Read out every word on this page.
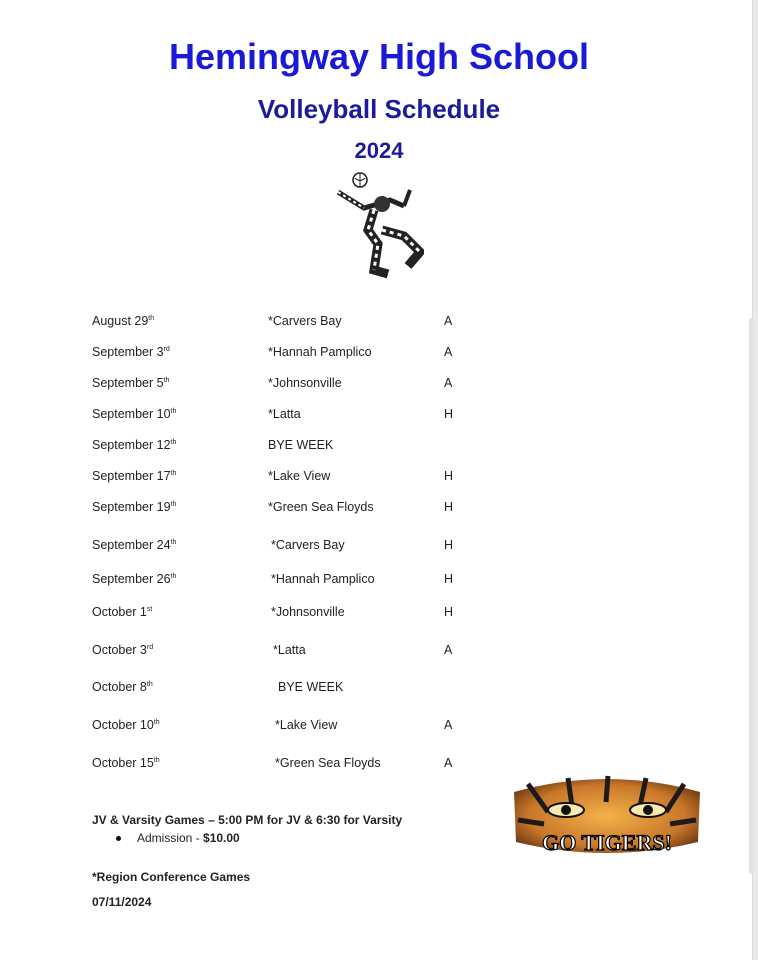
Hemingway High School
Volleyball Schedule
2024
August 29th	*Carvers Bay	A
September 3rd	*Hannah Pamplico	A
September 5th	*Johnsonville	A
September 10th	*Latta	H
September 12th	BYE WEEK
September 17th	*Lake View	H
September 19th	*Green Sea Floyds	H
September 24th	*Carvers Bay	H
September 26th	*Hannah Pamplico	H
October 1st	*Johnsonville	H
October 3rd	*Latta	A
October 8th	BYE WEEK
October 10th	*Lake View	A
October 15th	*Green Sea Floyds	A
JV & Varsity Games – 5:00 PM for JV & 6:30 for Varsity
Admission - $10.00
*Region Conference Games
07/11/2024
GO TIGERS!
